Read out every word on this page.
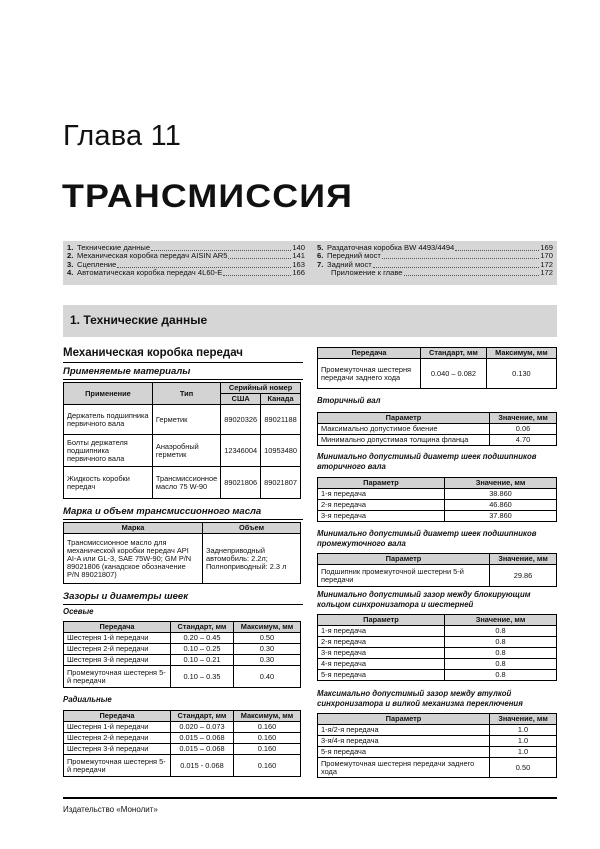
Глава 11
ТРАНСМИССИЯ
1. Технические данные	140
2. Механическая коробка передач AISIN AR5	141
3. Сцепление	163
4. Автоматическая коробка передач 4L60-E	166
5. Раздаточная коробка BW 4493/4494	169
6. Передний мост	170
7. Задний мост	172
Приложение к главе	172
1. Технические данные
Механическая коробка передач
Применяемые материалы
Применение	Тип	Серийный номер	
		США	Канада
Держатель подшипника первичного вала	Герметик	89020326	89021188
Болты держателя подшипника первичного вала	Анаэробный герметик	12346004	10953480
Жидкость коробки передач	Трансмиссионное масло 75 W-90	89021806	89021807
Марка и объем трансмиссионного масла
Марка	Объем
Трансмиссионное масло для механической коробки передач API AI-A или GL-3, SAE 75W-90; GM P/N 89021806 (канадское обозначение P/N 89021807)	Заднеприводный автомобиль: 2.2л; Полноприводный: 2.3 л
Зазоры и диаметры шеек
Осевые
Передача	Стандарт, мм	Максимум, мм
Шестерня 1-й передачи	0.20 – 0.45	0.50
Шестерня 2-й передачи	0.10 – 0.25	0.30
Шестерня 3-й передачи	0.10 – 0.21	0.30
Промежуточная шестерня 5-й передачи	0.10 – 0.35	0.40
Радиальные
Передача	Стандарт, мм	Максимум, мм
Шестерня 1-й передачи	0.020 – 0.073	0.160
Шестерня 2-й передачи	0.015 – 0.068	0.160
Шестерня 3-й передачи	0.015 – 0.068	0.160
Промежуточная шестерня 5-й передачи	0.015 - 0.068	0.160
Передача	Стандарт, мм	Максимум, мм
Промежуточная шестерня передачи заднего хода	0.040 – 0.082	0.130
Вторичный вал
Параметр	Значение, мм
Максимально допустимое биение	0.06
Минимально допустимая толщина фланца	4.70
Минимально допустимый диаметр шеек подшипников вторичного вала
Параметр	Значение, мм
1-я передача	38.860
2-я передача	46.860
3-я передача	37.860
Минимально допустимый диаметр шеек подшипников промежуточного вала
Параметр	Значение, мм
Подшипник промежуточной шестерни 5-й передачи	29.86
Минимально допустимый зазор между блокирующим кольцом синхронизатора и шестерней
Параметр	Значение, мм
1-я передача	0.8
2-я передача	0.8
3-я передача	0.8
4-я передача	0.8
5-я передача	0.8
Максимально допустимый зазор между втулкой синхронизатора и вилкой механизма переключения
Параметр	Значение, мм
1-я/2-я передача	1.0
3-я/4-я передача	1.0
5-я передача	1.0
Промежуточная шестерня передачи заднего хода	0.50
Издательство «Монолит»
